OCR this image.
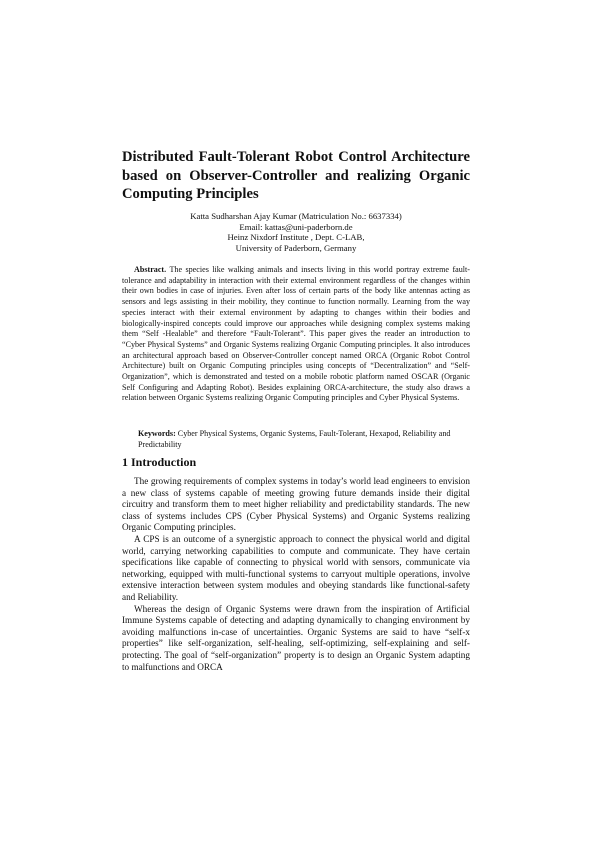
Distributed Fault-Tolerant Robot Control Architecture based on Observer-Controller and realizing Organic Computing Principles
Katta Sudharshan Ajay Kumar (Matriculation No.: 6637334)
Email: kattas@uni-paderborn.de
Heinz Nixdorf Institute , Dept. C-LAB,
University of Paderborn, Germany

Abstract. The species like walking animals and insects living in this world portray extreme fault-tolerance and adaptability in interaction with their external environment regardless of the changes within their own bodies in case of injuries. Even after loss of certain parts of the body like antennas acting as sensors and legs assisting in their mobility, they continue to function normally. Learning from the way species interact with their external environment by adapting to changes within their bodies and biologically-inspired concepts could improve our approaches while designing complex systems making them “Self -Healable” and therefore “Fault-Tolerant”. This paper gives the reader an introduction to “Cyber Physical Systems” and Organic Systems realizing Organic Computing principles. It also introduces an architectural approach based on Observer-Controller concept named ORCA (Organic Robot Control Architecture) built on Organic Computing principles using concepts of “Decentralization” and “Self-Organization”, which is demonstrated and tested on a mobile robotic platform named OSCAR (Organic Self Configuring and Adapting Robot). Besides explaining ORCA-architecture, the study also draws a relation between Organic Systems realizing Organic Computing principles and Cyber Physical Systems.

Keywords: Cyber Physical Systems, Organic Systems, Fault-Tolerant, Hexapod, Reliability and Predictability

1 Introduction

The growing requirements of complex systems in today’s world lead engineers to envision a new class of systems capable of meeting growing future demands inside their digital circuitry and transform them to meet higher reliability and predictability standards. The new class of systems includes CPS (Cyber Physical Systems) and Organic Systems realizing Organic Computing principles.

A CPS is an outcome of a synergistic approach to connect the physical world and digital world, carrying networking capabilities to compute and communicate. They have certain specifications like capable of connecting to physical world with sensors, communicate via networking, equipped with multi-functional systems to carryout multiple operations, involve extensive interaction between system modules and obeying standards like functional-safety and Reliability.

Whereas the design of Organic Systems were drawn from the inspiration of Artificial Immune Systems capable of detecting and adapting dynamically to changing environment by avoiding malfunctions in-case of uncertainties. Organic Systems are said to have “self-x properties” like self-organization, self-healing, self-optimizing, self-explaining and self-protecting. The goal of “self-organization” property is to design an Organic System adapting to malfunctions and ORCA
